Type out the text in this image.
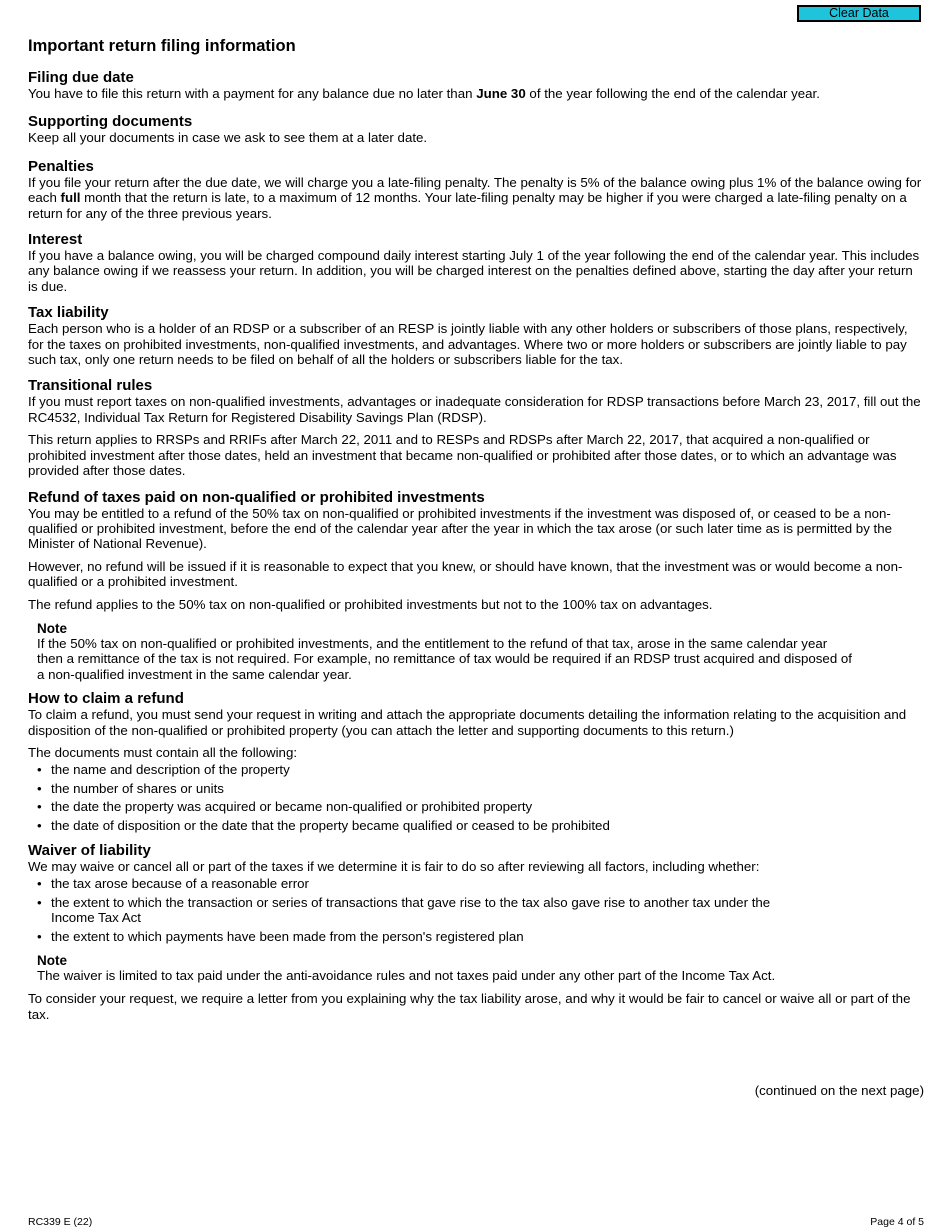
Clear Data
Important return filing information
Filing due date

You have to file this return with a payment for any balance due no later than June 30 of the year following the end of the calendar year.

Supporting documents

Keep all your documents in case we ask to see them at a later date.

Penalties

If you file your return after the due date, we will charge you a late-filing penalty. The penalty is 5% of the balance owing plus 1% of the balance owing for each full month that the return is late, to a maximum of 12 months. Your late-filing penalty may be higher if you were charged a late-filing penalty on a return for any of the three previous years.

Interest

If you have a balance owing, you will be charged compound daily interest starting July 1 of the year following the end of the calendar year. This includes any balance owing if we reassess your return. In addition, you will be charged interest on the penalties defined above, starting the day after your return is due.

Tax liability

Each person who is a holder of an RDSP or a subscriber of an RESP is jointly liable with any other holders or subscribers of those plans, respectively, for the taxes on prohibited investments, non-qualified investments, and advantages. Where two or more holders or subscribers are jointly liable to pay such tax, only one return needs to be filed on behalf of all the holders or subscribers liable for the tax.

Transitional rules

If you must report taxes on non-qualified investments, advantages or inadequate consideration for RDSP transactions before March 23, 2017, fill out the RC4532, Individual Tax Return for Registered Disability Savings Plan (RDSP).

This return applies to RRSPs and RRIFs after March 22, 2011 and to RESPs and RDSPs after March 22, 2017, that acquired a non-qualified or prohibited investment after those dates, held an investment that became non-qualified or prohibited after those dates, or to which an advantage was provided after those dates.

Refund of taxes paid on non-qualified or prohibited investments

You may be entitled to a refund of the 50% tax on non-qualified or prohibited investments if the investment was disposed of, or ceased to be a non-qualified or prohibited investment, before the end of the calendar year after the year in which the tax arose (or such later time as is permitted by the Minister of National Revenue).

However, no refund will be issued if it is reasonable to expect that you knew, or should have known, that the investment was or would become a non-qualified or a prohibited investment.

The refund applies to the 50% tax on non-qualified or prohibited investments but not to the 100% tax on advantages.

Note

If the 50% tax on non-qualified or prohibited investments, and the entitlement to the refund of that tax, arose in the same calendar year then a remittance of the tax is not required. For example, no remittance of tax would be required if an RDSP trust acquired and disposed of a non-qualified investment in the same calendar year.

How to claim a refund

To claim a refund, you must send your request in writing and attach the appropriate documents detailing the information relating to the acquisition and disposition of the non-qualified or prohibited property (you can attach the letter and supporting documents to this return.)

The documents must contain all the following:

• the name and description of the property
• the number of shares or units
• the date the property was acquired or became non-qualified or prohibited property
• the date of disposition or the date that the property became qualified or ceased to be prohibited
Waiver of liability

We may waive or cancel all or part of the taxes if we determine it is fair to do so after reviewing all factors, including whether:

• the tax arose because of a reasonable error
• the extent to which the transaction or series of transactions that gave rise to the tax also gave rise to another tax under the Income Tax Act
• the extent to which payments have been made from the person's registered plan
Note

The waiver is limited to tax paid under the anti-avoidance rules and not taxes paid under any other part of the Income Tax Act.

To consider your request, we require a letter from you explaining why the tax liability arose, and why it would be fair to cancel or waive all or part of the tax.

(continued on the next page)
RC339 E (22)	Page 4 of 5
